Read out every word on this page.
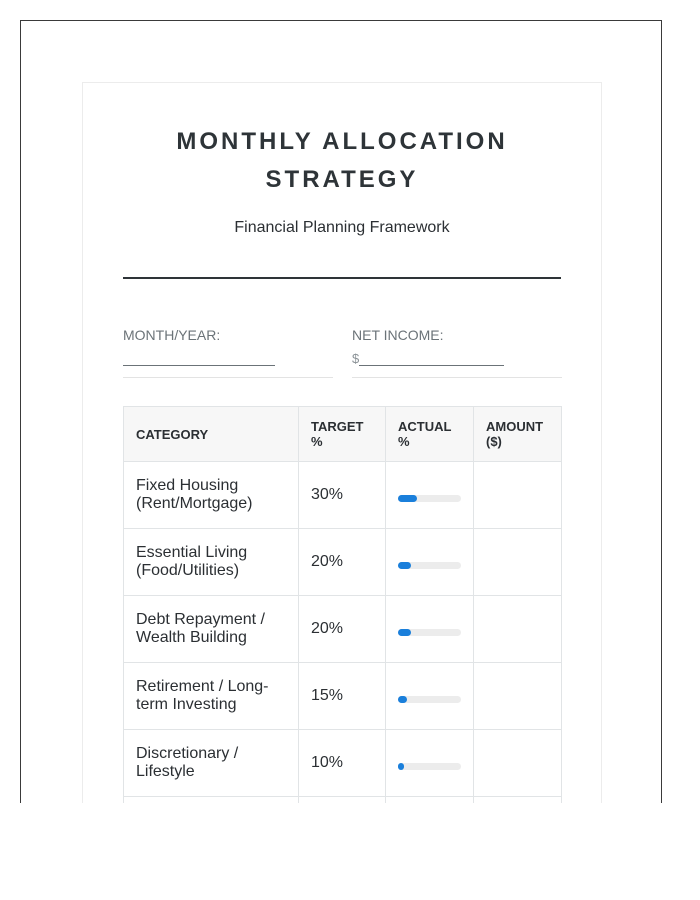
MONTHLY ALLOCATION
STRATEGY
Financial Planning Framework
MONTH/YEAR:	NET INCOME:
$
CATEGORY	TARGET %	ACTUAL %	AMOUNT ($)
Fixed Housing (Rent/Mortgage)	30%	

Essential Living (Food/Utilities)	20%	

Debt Repayment / Wealth Building	20%	

Retirement / Long-term Investing	15%	

Discretionary / Lifestyle	10%	
